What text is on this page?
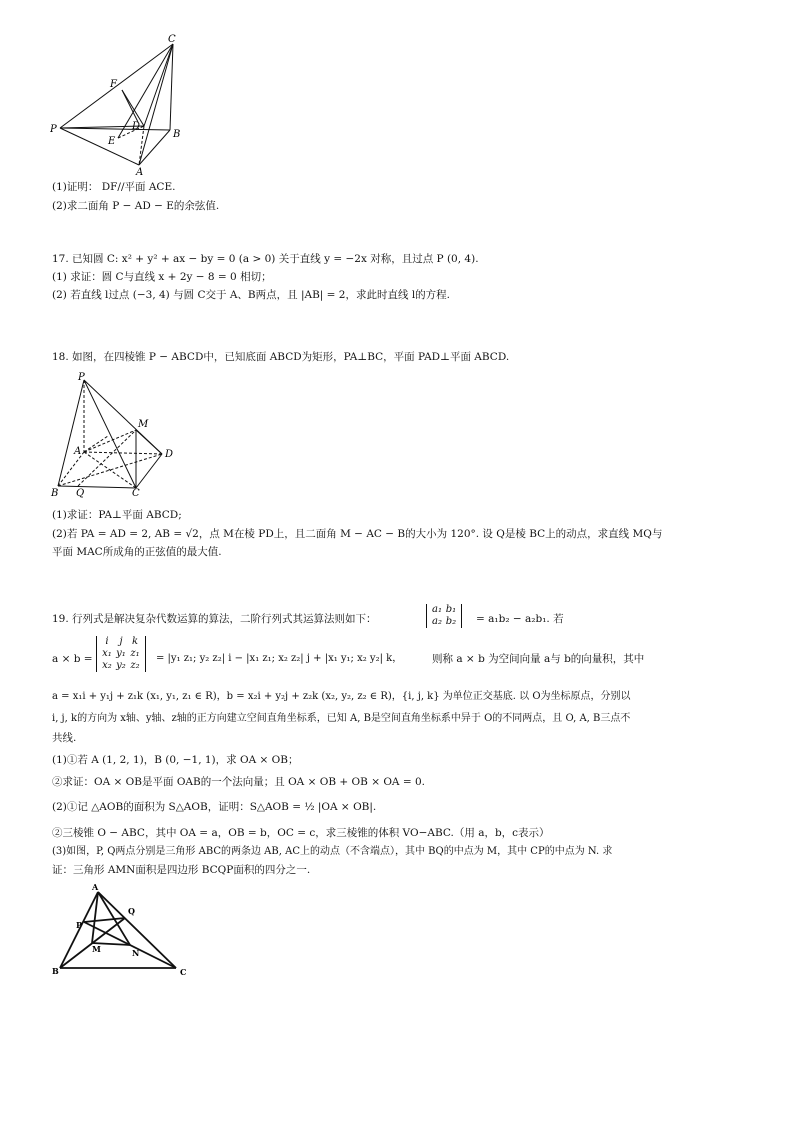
C
F
P	D
B
E
A
(1)证明： DF//平面 ACE.
(2)求二面角 P − AD − E的余弦值.
17. 已知圆 C: x² + y² + ax − by = 0 (a > 0) 关于直线 y = −2x 对称，且过点 P (0, 4).
(1) 求证：圆 C与直线 x + 2y − 8 = 0 相切；
(2) 若直线 l过点 (−3, 4) 与圆 C交于 A、B两点，且 |AB| = 2，求此时直线 l的方程.
18. 如图，在四棱锥 P − ABCD中，已知底面 ABCD为矩形，PA⊥BC，平面 PAD⊥平面 ABCD.
P
M
A	D
B Q	C
(1)求证：PA⊥平面 ABCD;
(2)若 PA = AD = 2, AB = √2，点 M在棱 PD上，且二面角 M − AC − B的大小为 120°. 设 Q是棱 BC上的动点，求直线 MQ与
平面 MAC所成角的正弦值的最大值.
19. 行列式是解决复杂代数运算的算法，二阶行列式其运算法则如下：
a₁ b₁
a₂ b₂	= a₁b₂ − a₂b₁. 若
a × b =
i j k
x₁ y₁ z₁
x₂ y₂ z₂
= |y₁ z₁; y₂ z₂| i − |x₁ z₁; x₂ z₂| j + |x₁ y₁; x₂ y₂| k，	则称 a × b 为空间向量 a与 b的向量积，其中
a = x₁i + y₁j + z₁k (x₁, y₁, z₁ ∈ R)，b = x₂i + y₂j + z₂k (x₂, y₂, z₂ ∈ R)，{i, j, k} 为单位正交基底. 以 O为坐标原点，分别以
i, j, k的方向为 x轴、y轴、z轴的正方向建立空间直角坐标系，已知 A, B是空间直角坐标系中异于 O的不同两点，且 O, A, B三点不
共线.
(1)①若 A (1, 2, 1)，B (0, −1, 1)，求 OA × OB；
②求证：OA × OB是平面 OAB的一个法向量；且 OA × OB + OB × OA = 0.
(2)①记 △AOB的面积为 S△AOB，证明：S△AOB = ½ |OA × OB|.
②三棱锥 O − ABC，其中 OA = a，OB = b，OC = c，求三棱锥的体积 VO−ABC.（用 a，b，c表示）
(3)如图，P, Q两点分别是三角形 ABC的两条边 AB, AC上的动点（不含端点），其中 BQ的中点为 M，其中 CP的中点为 N. 求
证：三角形 AMN面积是四边形 BCQP面积的四分之一.
A
Q
P
M	N
B	C
